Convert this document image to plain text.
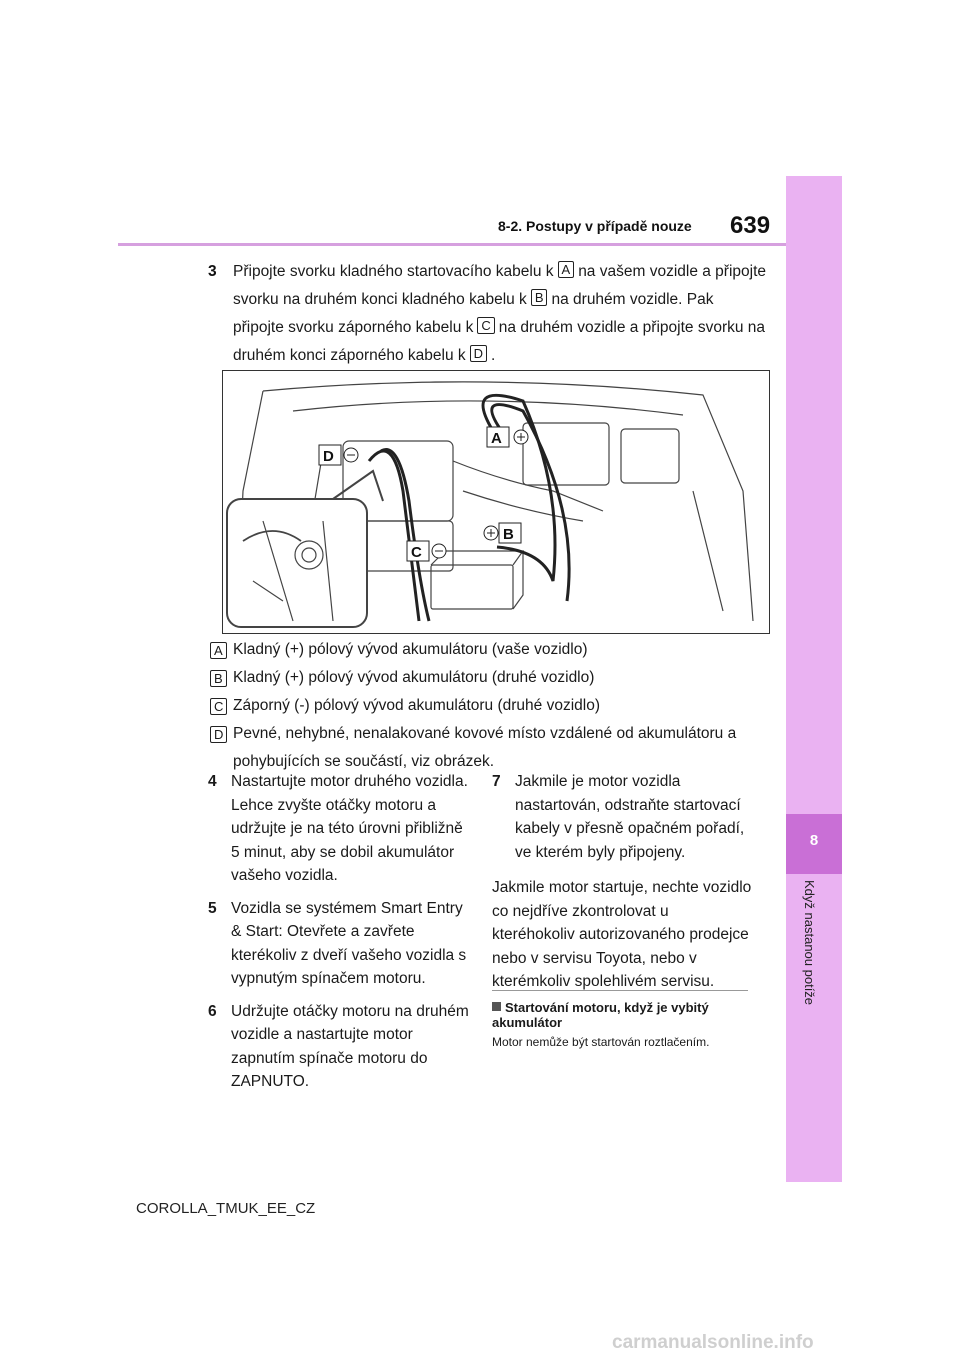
8
Když nastanou potíže
8-2. Postupy v případě nouze 639
3 Připojte svorku kladného startovacího kabelu k A na vašem vozidle a připojte svorku na druhém konci kladného kabelu k B na druhém vozidle. Pak připojte svorku záporného kabelu k C na druhém vozidle a připojte svorku na druhém konci záporného kabelu k D .
A
B
C
D
A Kladný (+) pólový vývod akumulátoru (vaše vozidlo)
B Kladný (+) pólový vývod akumulátoru (druhé vozidlo)
C Záporný (-) pólový vývod akumulátoru (druhé vozidlo)
D Pevné, nehybné, nenalakované kovové místo vzdálené od akumulátoru a pohybujících se součástí, viz obrázek.
4 Nastartujte motor druhého vozidla. Lehce zvyšte otáčky motoru a udržujte je na této úrovni přibližně 5 minut, aby se dobil akumulátor vašeho vozidla.
5 Vozidla se systémem Smart Entry & Start: Otevřete a zavřete kterékoliv z dveří vašeho vozidla s vypnutým spínačem motoru.
6 Udržujte otáčky motoru na druhém vozidle a nastartujte motor zapnutím spínače motoru do ZAPNUTO.
7 Jakmile je motor vozidla nastartován, odstraňte startovací kabely v přesně opačném pořadí, ve kterém byly připojeny.
Jakmile motor startuje, nechte vozidlo co nejdříve zkontrolovat u kteréhokoliv autorizovaného prodejce nebo v servisu Toyota, nebo v kterémkoliv spolehlivém servisu.
Startování motoru, když je vybitý akumulátor
Motor nemůže být startován roztlačením.
COROLLA_TMUK_EE_CZ
carmanualsonline.info
